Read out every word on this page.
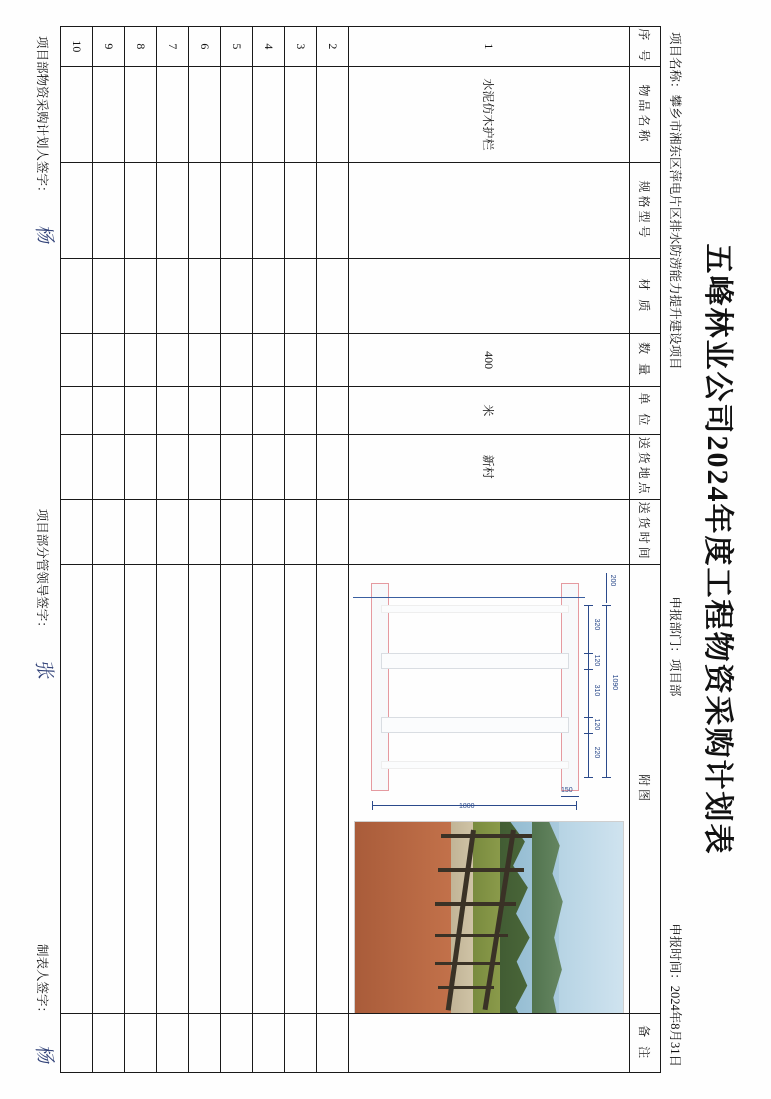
五峰林业公司2024年度工程物资采购计划表
项目名称：攀乡市湘东区萍电片区排水防涝能力提升建设项目
申报部门：项目部
申报时间：2024年8月31日
序 号	物品名称	规格型号	材 质	数 量	单 位	送货地点	送货时间	附图	备 注
1	水泥仿木护栏			400	米	新村		
1090
320
120
310
120
220
200
150
1800

2									
3									
4									
5									
6									
7									
8									
9									
10									
项目部物资采购计划人签字：
杨
项目部分管领导签字：
张
制表人签字：
杨
